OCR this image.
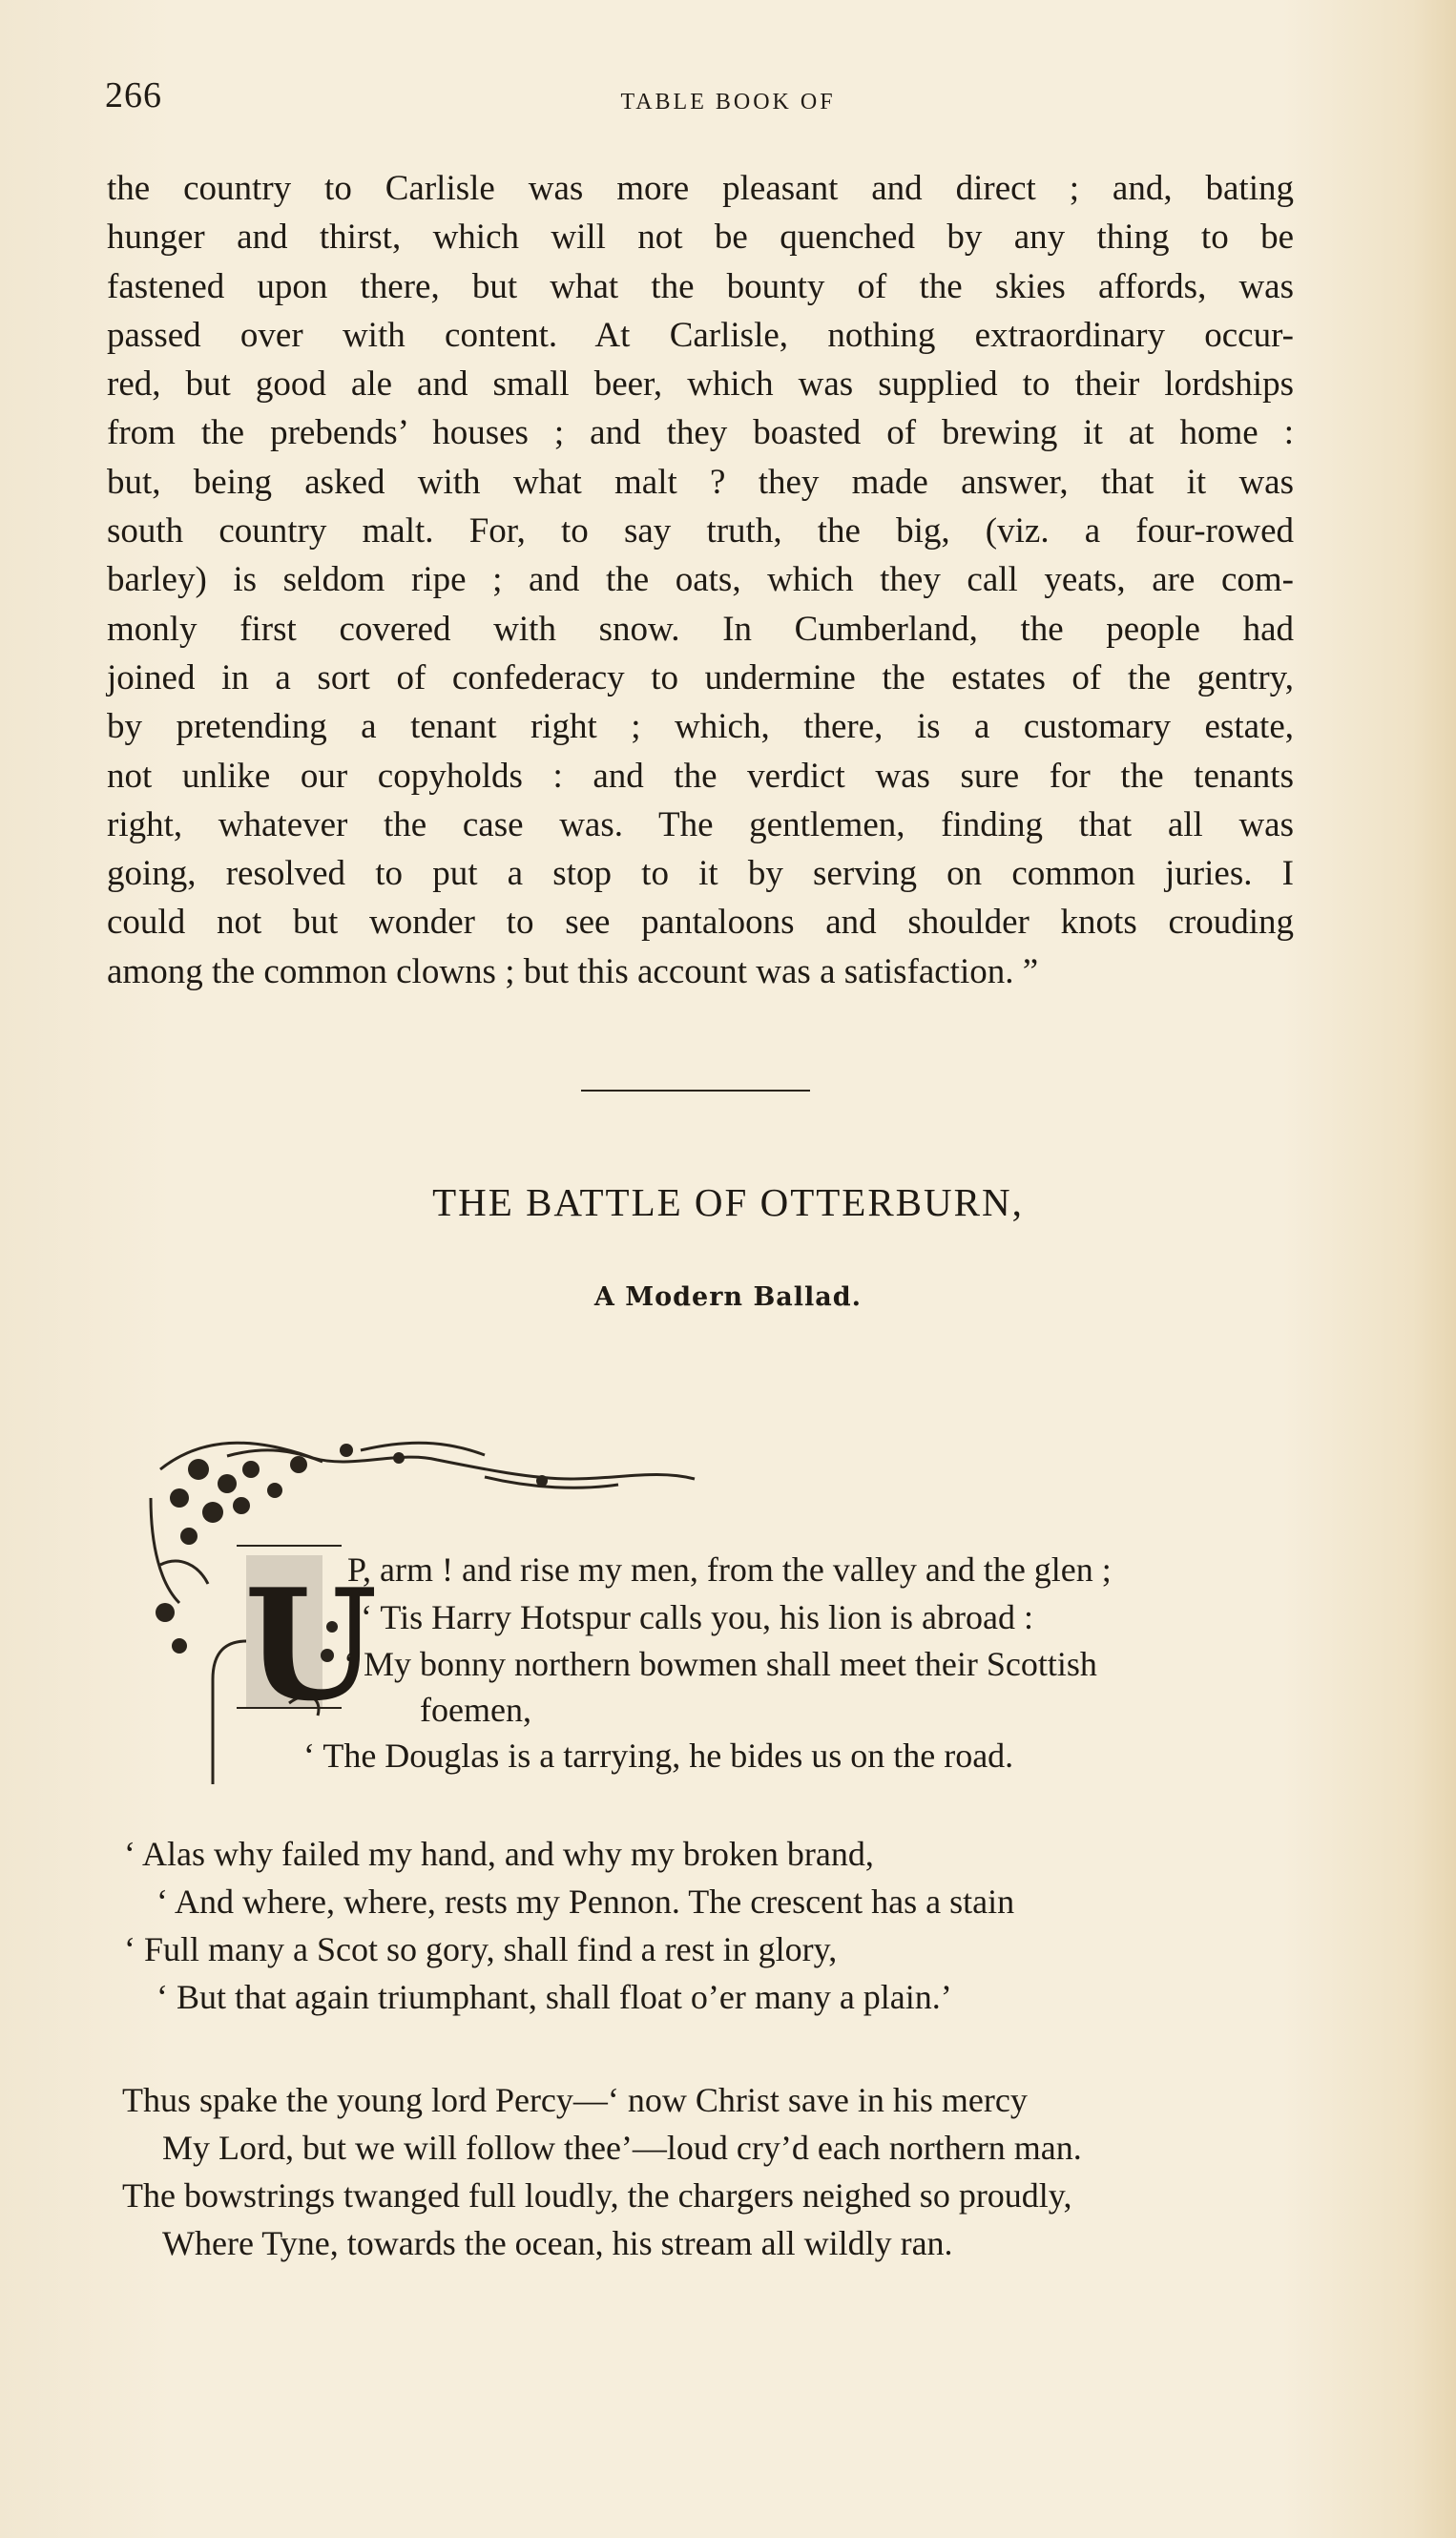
266	TABLE BOOK OF
the country to Carlisle was more pleasant and direct ; and, bating
hunger and thirst, which will not be quenched by any thing to be
fastened upon there, but what the bounty of the skies affords, was
passed over with content. At Carlisle, nothing extraordinary occur-
red, but good ale and small beer, which was supplied to their lordships
from the prebends’ houses ; and they boasted of brewing it at home :
but, being asked with what malt ? they made answer, that it was
south country malt. For, to say truth, the big, (viz. a four-rowed
barley) is seldom ripe ; and the oats, which they call yeats, are com-
monly first covered with snow. In Cumberland, the people had
joined in a sort of confederacy to undermine the estates of the gentry,
by pretending a tenant right ; which, there, is a customary estate,
not unlike our copyholds : and the verdict was sure for the tenants
right, whatever the case was. The gentlemen, finding that all was
going, resolved to put a stop to it by serving on common juries. I
could not but wonder to see pantaloons and shoulder knots crouding
among the common clowns ; but this account was a satisfaction. ”
THE BATTLE OF OTTERBURN,
A Modern Ballad.
U
P, arm ! and rise my men, from the valley and the glen ;
‘ Tis Harry Hotspur calls you, his lion is abroad :
‘ My bonny northern bowmen shall meet their Scottish
foemen,
‘ The Douglas is a tarrying, he bides us on the road.
‘ Alas why failed my hand, and why my broken brand,
‘ And where, where, rests my Pennon. The crescent has a stain
‘ Full many a Scot so gory, shall find a rest in glory,
‘ But that again triumphant, shall float o’er many a plain.’
Thus spake the young lord Percy—‘ now Christ save in his mercy
My Lord, but we will follow thee’—loud cry’d each northern man.
The bowstrings twanged full loudly, the chargers neighed so proudly,
Where Tyne, towards the ocean, his stream all wildly ran.
